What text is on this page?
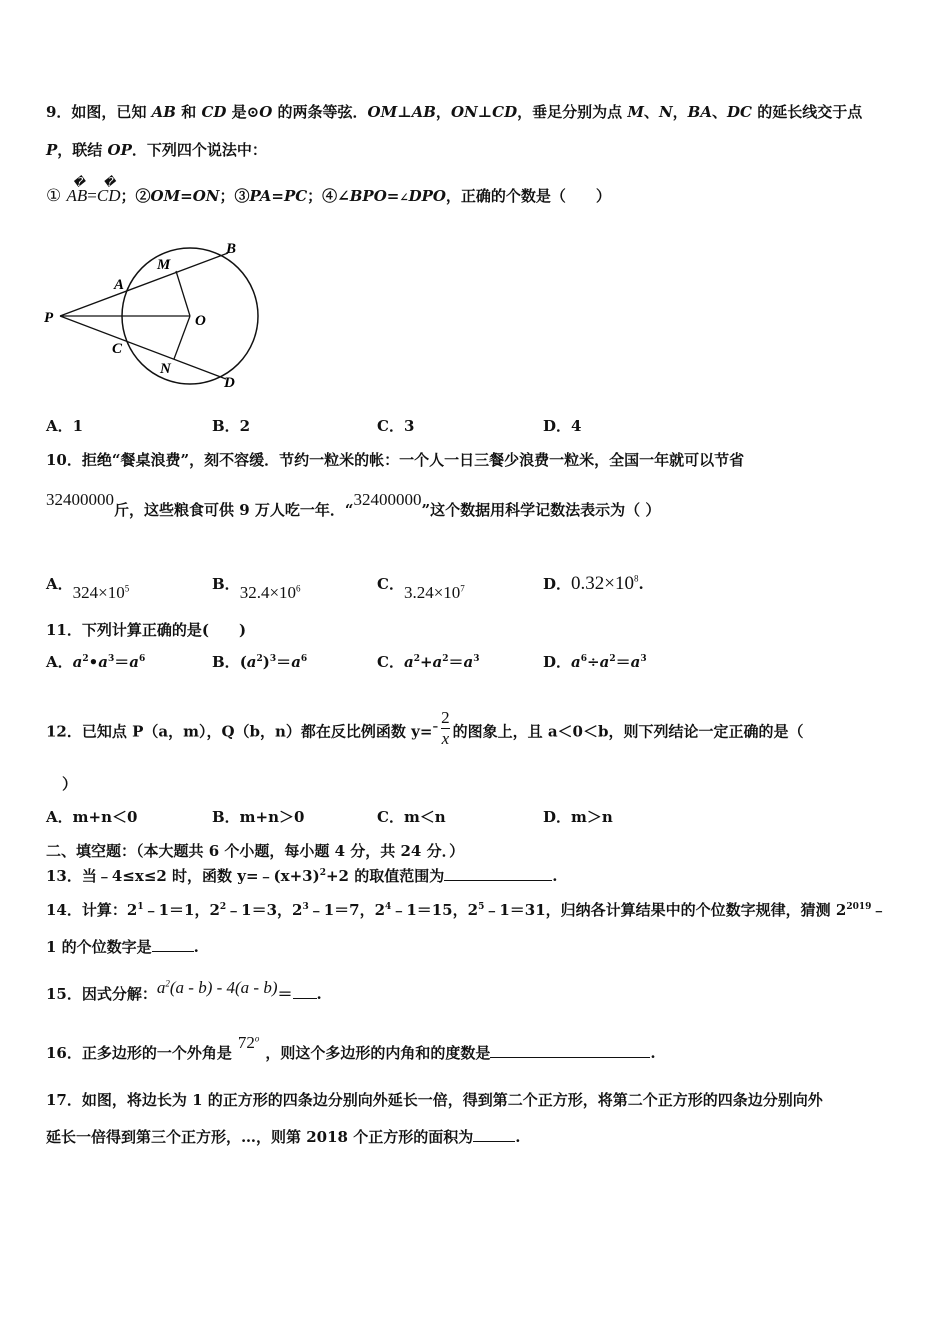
9．如图，已知 AB 和 CD 是⊙O 的两条等弦．OM⊥AB，ON⊥CD，垂足分别为点 M、N，BA、DC 的延长线交于点
P，联结 OP．下列四个说法中：
①
�
AB=
�
CD；②OM=ON；③PA=PC；④∠BPO=∠DPO，正确的个数是（　　）
P
A
M
B
O
C
N
D
A．1	B．2	C．3	D．4
10．拒绝“餐桌浪费”，刻不容缓．节约一粒米的帐：一个人一日三餐少浪费一粒米，全国一年就可以节省
32400000斤，这些粮食可供 9 万人吃一年．“32400000”这个数据用科学记数法表示为（ ）
A．$324\times 10^5$	B．$32.4\times 10^6$	C．$3.24\times 10^7$	D．$0.32\times 10^8$.
11．下列计算正确的是(　　)
A．$a^2•a^3=a^6$	B．$(a^2)^3=a^6$	C．$a^2+a^2=a^3$	D．$a^6\div a^2=a^3$
12．已知点 P（a，m），Q（b，n）都在反比例函数 $y=- \frac{2}{x}$ 的图象上，且 a＜0＜b，则下列结论一定正确的是（
）
A．m+n＜0	B．m+n＞0	C．m＜n	D．m＞n
二、填空题：（本大题共 6 个小题，每小题 4 分，共 24 分．）
13．当﹣4≤x≤2 时，函数 $y=﹣(x+3)^2+2$ 的取值范围为	.
14．计算：$2^1﹣1=1$，$2^2﹣1=3$，$2^3﹣1=7$，$2^4﹣1=15$，$2^5﹣1=31$，归纳各计算结果中的个位数字规律，猜测 $2^{2019}﹣$
1 的个位数字是	.
15．因式分解：$a^2(a - b) - 4(a - b)=$ .
16．正多边形的一个外角是72$^o$，则这个多边形的内角和的度数是	.
17．如图，将边长为 1 的正方形的四条边分别向外延长一倍，得到第二个正方形，将第二个正方形的四条边分别向外
延长一倍得到第三个正方形，…，则第 2018 个正方形的面积为	.
